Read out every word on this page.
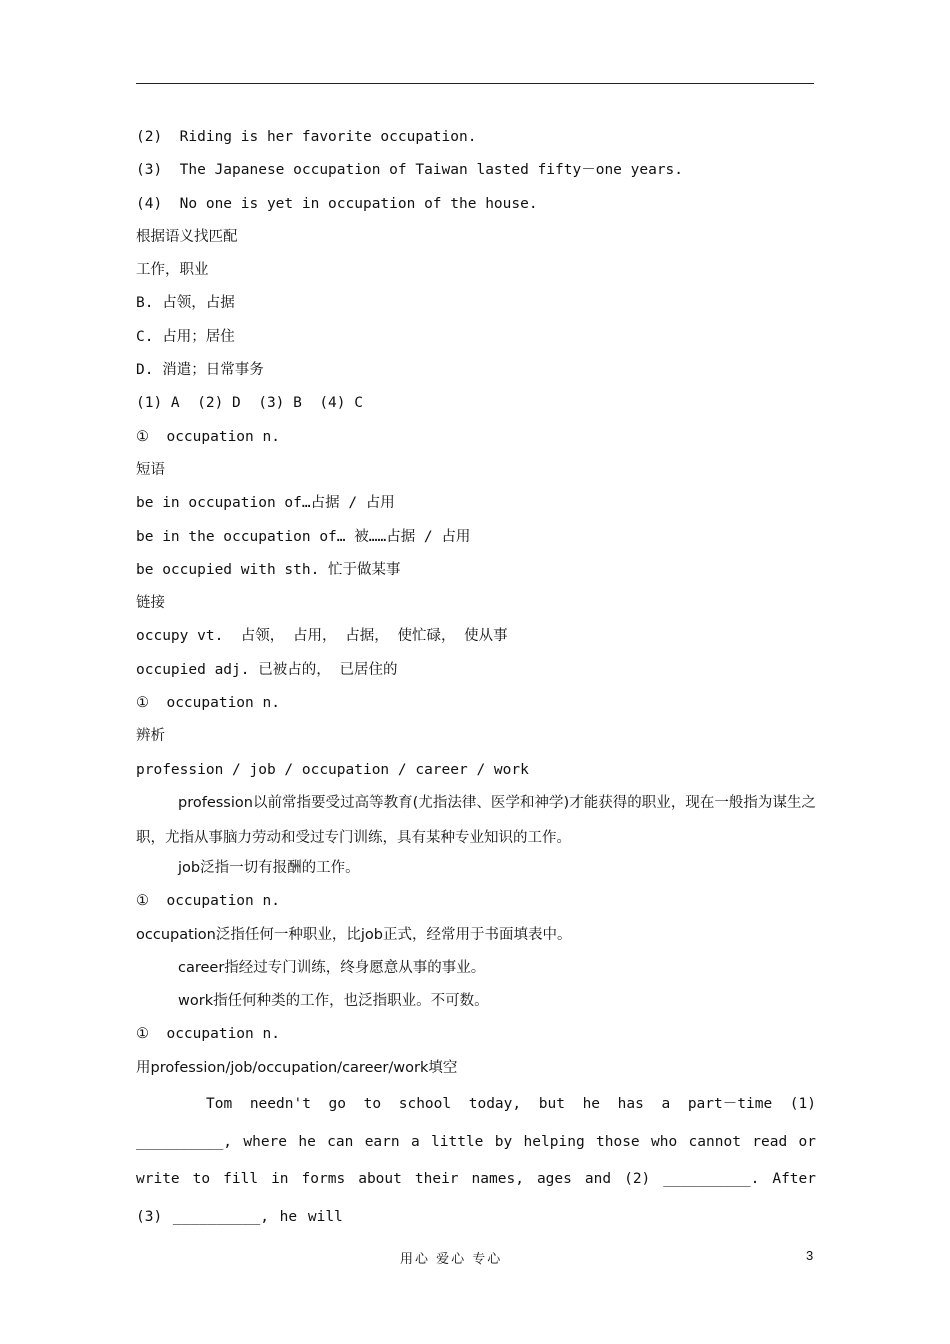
(2)  Riding is her favorite occupation.
(3)  The Japanese occupation of Taiwan lasted fifty－one years.
(4)  No one is yet in occupation of the house.
根据语义找匹配
工作，职业
B. 占领，占据
C. 占用；居住
D. 消遣；日常事务
(1) A  (2) D  (3) B  (4) C
①  occupation n.
短语
be in occupation of…占据 / 占用
be in the occupation of… 被……占据 / 占用
be occupied with sth. 忙于做某事
链接
occupy vt.  占领， 占用， 占据， 使忙碌， 使从事
occupied adj. 已被占的， 已居住的
①  occupation n.
辨析
profession / job / occupation / career / work
profession以前常指要受过高等教育(尤指法律、医学和神学)才能获得的职业，现在一般指为谋生之职，尤指从事脑力劳动和受过专门训练，具有某种专业知识的工作。
job泛指一切有报酬的工作。
①  occupation n.
occupation泛指任何一种职业，比job正式，经常用于书面填表中。
career指经过专门训练，终身愿意从事的事业。
work指任何种类的工作，也泛指职业。不可数。
①  occupation n.
用profession/job/occupation/career/work填空
Tom needn't go to school today, but he has a part－time (1) __________, where he can earn a little by helping those who cannot read or write to fill in forms about their names, ages and (2) __________. After (3) __________, he will
用心 爱心 专心	3
